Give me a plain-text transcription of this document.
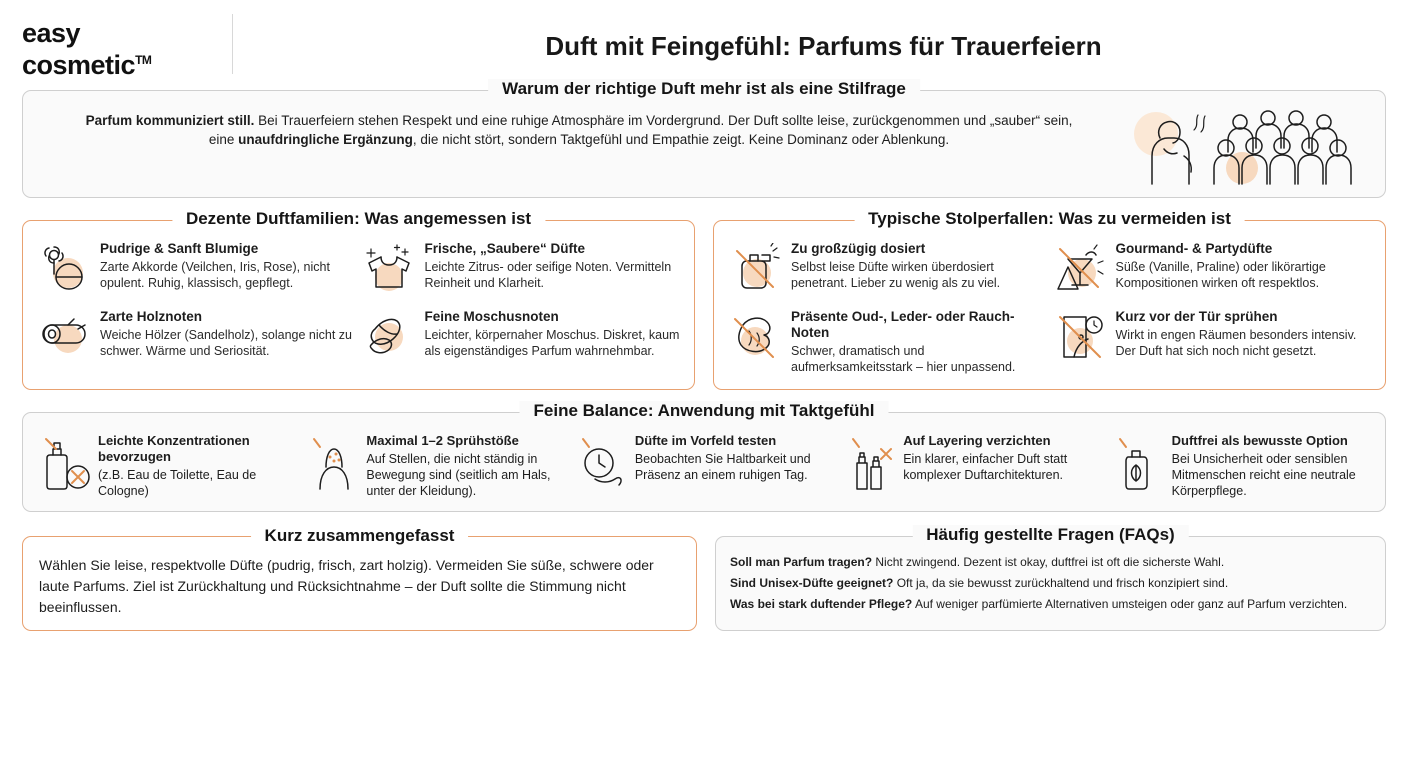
easy
cosmetic™	Duft mit Feingefühl: Parfums für Trauerfeiern
Warum der richtige Duft mehr ist als eine Stilfrage
Parfum kommuniziert still. Bei Trauerfeiern stehen Respekt und eine ruhige Atmosphäre im Vordergrund. Der Duft sollte leise, zurückgenommen und „sauber“ sein, eine unaufdringliche Ergänzung, die nicht stört, sondern Taktgefühl und Empathie zeigt. Keine Dominanz oder Ablenkung.
Dezente Duftfamilien: Was angemessen ist
Pudrige & Sanft Blumige
Zarte Akkorde (Veilchen, Iris, Rose), nicht opulent. Ruhig, klassisch, gepflegt.
Zarte Holznoten
Weiche Hölzer (Sandelholz), solange nicht zu schwer. Wärme und Seriosität.
Frische, „Saubere“ Düfte
Leichte Zitrus- oder seifige Noten. Vermitteln Reinheit und Klarheit.
Feine Moschusnoten
Leichter, körpernaher Moschus. Diskret, kaum als eigenständiges Parfum wahrnehmbar.
Typische Stolperfallen: Was zu vermeiden ist
Zu großzügig dosiert
Selbst leise Düfte wirken überdosiert penetrant. Lieber zu wenig als zu viel.
Präsente Oud-, Leder- oder Rauch-Noten
Schwer, dramatisch und aufmerksamkeitsstark – hier unpassend.
Gourmand- & Partydüfte
Süße (Vanille, Praline) oder likörartige Kompositionen wirken oft respektlos.
Kurz vor der Tür sprühen
Wirkt in engen Räumen besonders intensiv. Der Duft hat sich noch nicht gesetzt.
Feine Balance: Anwendung mit Taktgefühl
Leichte Konzentrationen bevorzugen
(z.B. Eau de Toilette, Eau de Cologne)
Maximal 1–2 Sprühstöße
Auf Stellen, die nicht ständig in Bewegung sind (seitlich am Hals, unter der Kleidung).
Düfte im Vorfeld testen
Beobachten Sie Haltbarkeit und Präsenz an einem ruhigen Tag.
Auf Layering verzichten
Ein klarer, einfacher Duft statt komplexer Duftarchitekturen.
Duftfrei als bewusste Option
Bei Unsicherheit oder sensiblen Mitmenschen reicht eine neutrale Körperpflege.
Kurz zusammengefasst
Wählen Sie leise, respektvolle Düfte (pudrig, frisch, zart holzig). Vermeiden Sie süße, schwere oder laute Parfums. Ziel ist Zurückhaltung und Rücksichtnahme – der Duft sollte die Stimmung nicht beeinflussen.
Häufig gestellte Fragen (FAQs)
Soll man Parfum tragen? Nicht zwingend. Dezent ist okay, duftfrei ist oft die sicherste Wahl.
Sind Unisex-Düfte geeignet? Oft ja, da sie bewusst zurückhaltend und frisch konzipiert sind.
Was bei stark duftender Pflege? Auf weniger parfümierte Alternativen umsteigen oder ganz auf Parfum verzichten.
